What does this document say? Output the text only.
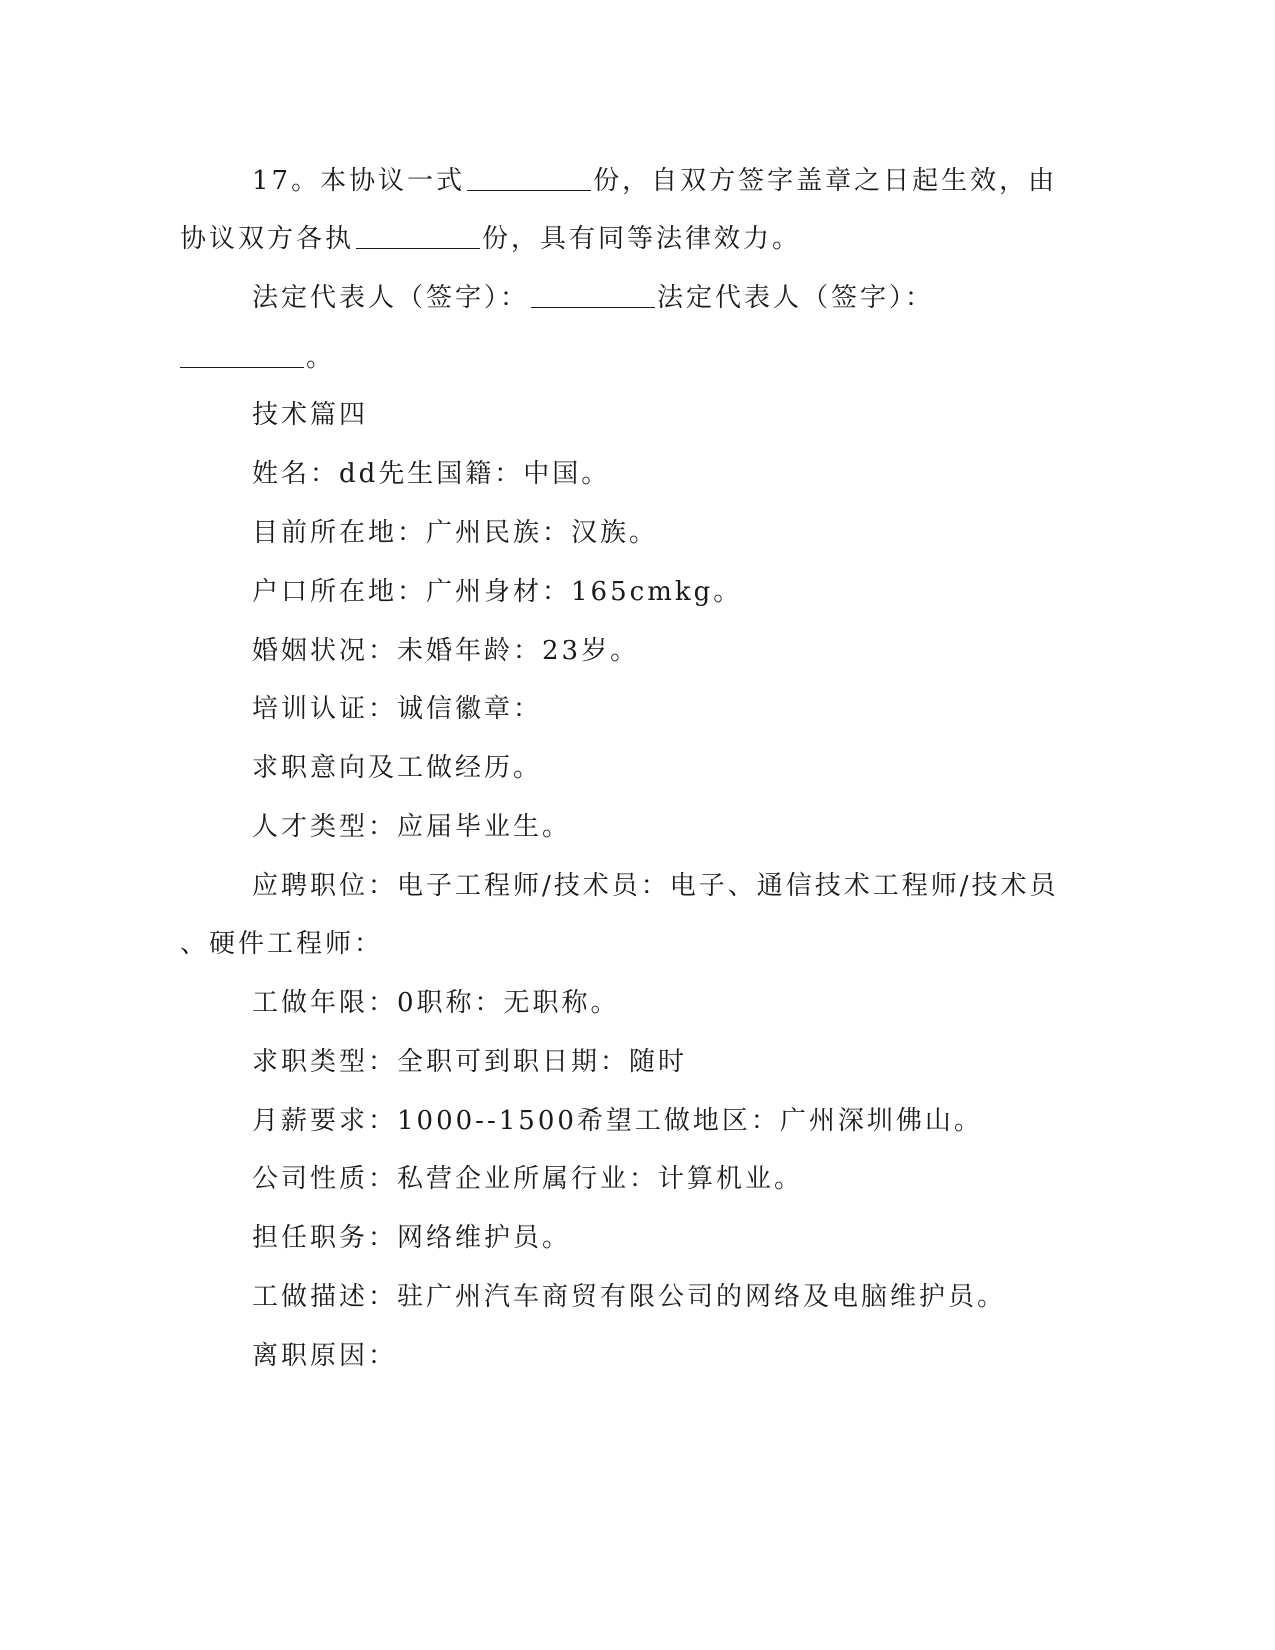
17。本协议一式	份，自双方签字盖章之日起生效，由
协议双方各执	份，具有同等法律效力。
法定代表人（签字）：	法定代表人（签字）：
。
技术篇四
姓名：dd先生国籍：中国。
目前所在地：广州民族：汉族。
户口所在地：广州身材：165cmkg。
婚姻状况：未婚年龄：23岁。
培训认证：诚信徽章：
求职意向及工做经历。
人才类型：应届毕业生。
应聘职位：电子工程师/技术员：电子、通信技术工程师/技术员
、硬件工程师：
工做年限：0职称：无职称。
求职类型：全职可到职日期：随时
月薪要求：1000--1500希望工做地区：广州深圳佛山。
公司性质：私营企业所属行业：计算机业。
担任职务：网络维护员。
工做描述：驻广州汽车商贸有限公司的网络及电脑维护员。
离职原因：
